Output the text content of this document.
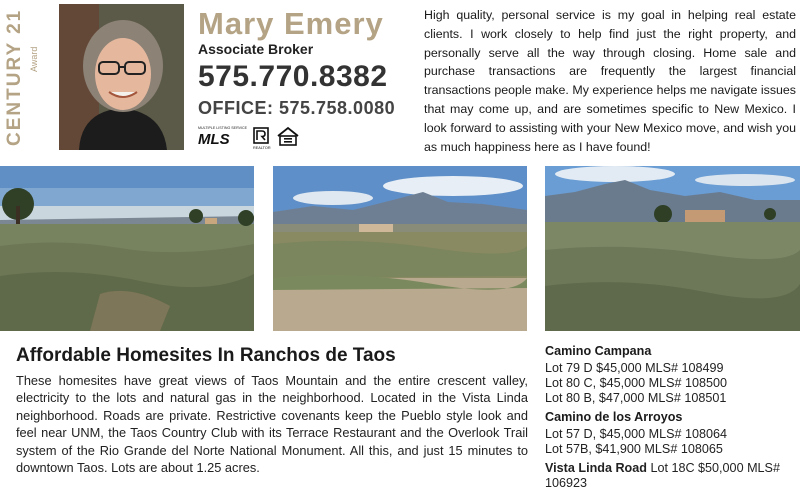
CENTURY 21 Award
Mary Emery
Associate Broker
575.770.8382
OFFICE: 575.758.0080
MULTIPLE LISTING SERVICE
MLS	REALTOR
High quality, personal service is my goal in helping real estate clients. I work closely to help find just the right property, and personally serve all the way through closing. Home sale and purchase transactions are frequently the largest financial transactions people make. My experience helps me navigate issues that may come up, and are sometimes specific to New Mexico. I look forward to assisting with your New Mexico move, and wish you as much happiness here as I have found!
Affordable Homesites In Ranchos de Taos
These homesites have great views of Taos Mountain and the entire crescent valley, electricity to the lots and natural gas in the neighborhood. Located in the Vista Linda neighborhood. Roads are private. Restrictive covenants keep the Pueblo style look and feel near UNM, the Taos Country Club with its Terrace Restaurant and the Overlook Trail system of the Rio Grande del Norte National Monument. All this, and just 15 minutes to downtown Taos. Lots are about 1.25 acres.
Camino Campana
Lot 79 D $45,000 MLS# 108499
Lot 80 C, $45,000 MLS# 108500
Lot 80 B, $47,000 MLS# 108501
Camino de los Arroyos
Lot 57 D, $45,000 MLS# 108064
Lot 57B, $41,900 MLS# 108065
Vista Linda Road Lot 18C $50,000 MLS# 106923
